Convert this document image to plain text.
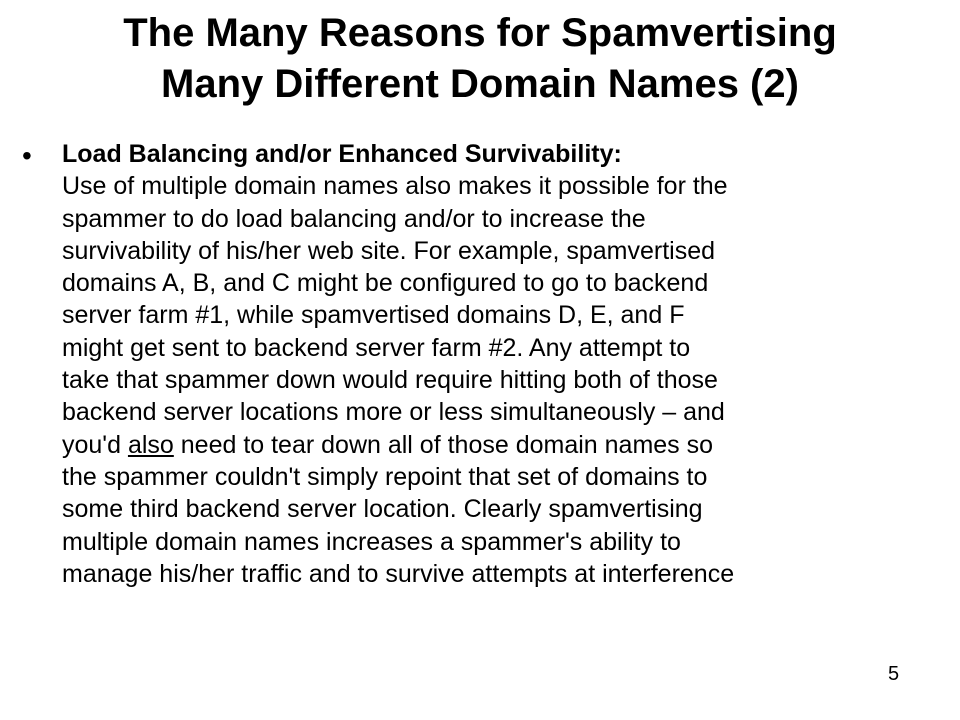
The Many Reasons for Spamvertising
Many Different Domain Names (2)
• Load Balancing and/or Enhanced Survivability:
Use of multiple domain names also makes it possible for the
spammer to do load balancing and/or to increase the
survivability of his/her web site. For example, spamvertised
domains A, B, and C might be configured to go to backend
server farm #1, while spamvertised domains D, E, and F
might get sent to backend server farm #2. Any attempt to
take that spammer down would require hitting both of those
backend server locations more or less simultaneously – and
you'd also need to tear down all of those domain names so
the spammer couldn't simply repoint that set of domains to
some third backend server location. Clearly spamvertising
multiple domain names increases a spammer's ability to
manage his/her traffic and to survive attempts at interference
5
